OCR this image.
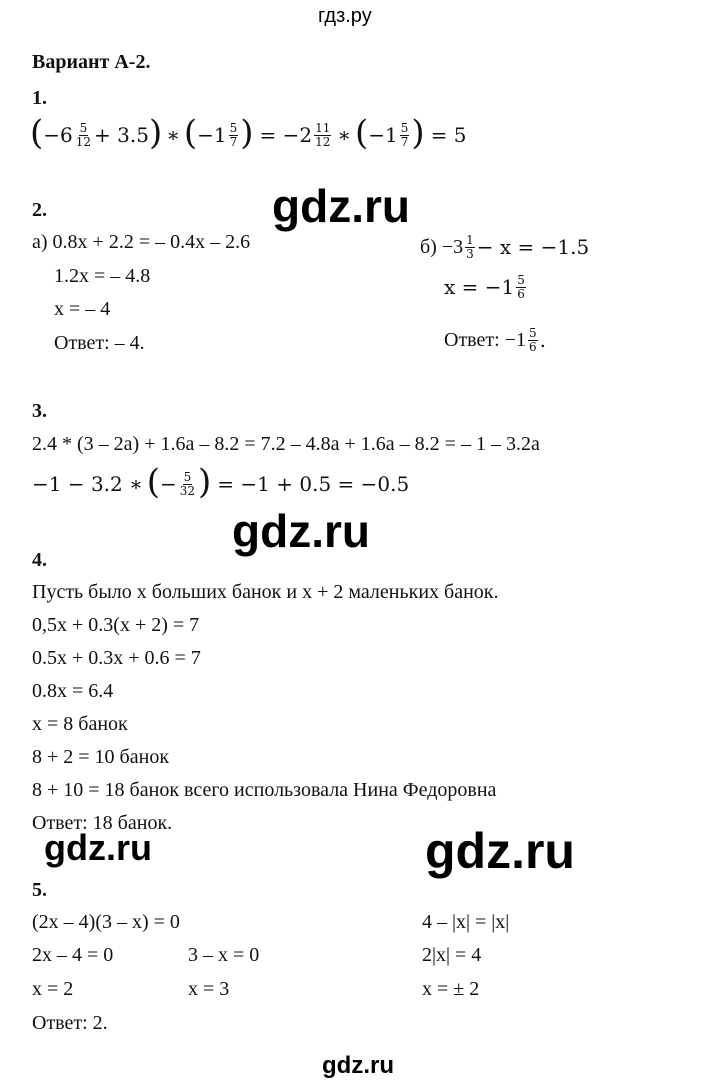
гдз.ру
Вариант А-2.
1.
( $-6 \frac{5}{12} + 3.5$ ) ∗ ( $-1 \frac{5}{7}$ ) = $-2 \frac{11}{12}$ ∗ ( $-1 \frac{5}{7}$ ) = 5
gdz.ru
2.
а) 0.8x + 2.2 = – 0.4x – 2.6
1.2x = – 4.8
x = – 4
Ответ: – 4.
$б) -3 \frac{1}{3} - x = -1.5$
$x = -1 \frac{5}{6}$
Ответ: $-1 \frac{5}{6}$ .
3.
2.4 * (3 – 2a) + 1.6a – 8.2 = 7.2 – 4.8a + 1.6a – 8.2 = – 1 – 3.2a
−1 − 3.2 ∗ ( − $\frac{5}{32}$ ) = −1 + 0.5 = −0.5
gdz.ru
4.
Пусть было x больших банок и x + 2 маленьких банок.
0,5x + 0.3(x + 2) = 7
0.5x + 0.3x + 0.6 = 7
0.8x = 6.4
x = 8 банок
8 + 2 = 10 банок
8 + 10 = 18 банок всего использовала Нина Федоровна
Ответ: 18 банок.
gdz.ru	gdz.ru
5.
(2x – 4)(3 – x) = 0
2x – 4 = 0	3 – x = 0
x = 2	x = 3
Ответ: 2.
4 – |x| = |x|
2|x| = 4
x = ± 2
gdz.ru
